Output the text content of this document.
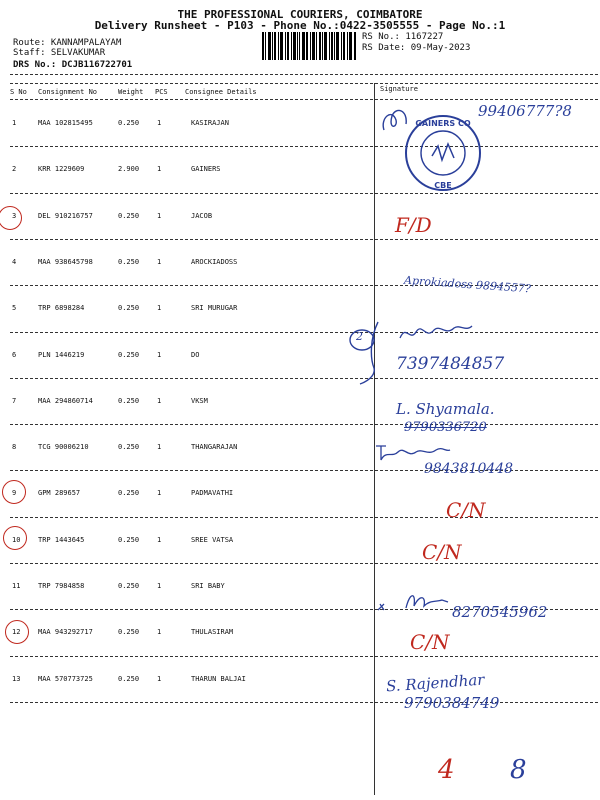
THE PROFESSIONAL COURIERS, COIMBATORE
Delivery Runsheet - P103 - Phone No.:0422-3505555 - Page No.:1
Route: KANNAMPALAYAM
Staff: SELVAKUMAR
DRS No.: DCJB116722701
RS No.: 1167227
RS Date: 09-May-2023
S No Consignment No	Weight PCS Consignee Details	Signature
1	MAA 102815495	0.250	1	KASIRAJAN
2	KRR 1229609	2.900	1	GAINERS
3	DEL 910216757	0.250	1	JACOB
4	MAA 938645798	0.250	1	AROCKIADOSS
5	TRP 6898284	0.250	1	SRI MURUGAR
6	PLN 1446219	0.250	1	DO
7	MAA 294860714	0.250	1	VKSM
8	TCG 90006210	0.250	1	THANGARAJAN
9	GPM 289657	0.250	1	PADMAVATHI
10	TRP 1443645	0.250	1	SREE VATSA
11	TRP 7984858	0.250	1	SRI BABY
12	MAA 943292717	0.250	1	THULASIRAM
13	MAA 570773725	0.250	1	THARUN BALJAI
99406777?8
GAINERS CO
CBE
F/D
Aprokiadoss 9894557?
2
7397484857
L. Shyamala.
9790336720
9843810448
C/N
C/N
8270545962
C/N
S. Rajendhar
9790384749
4 8
